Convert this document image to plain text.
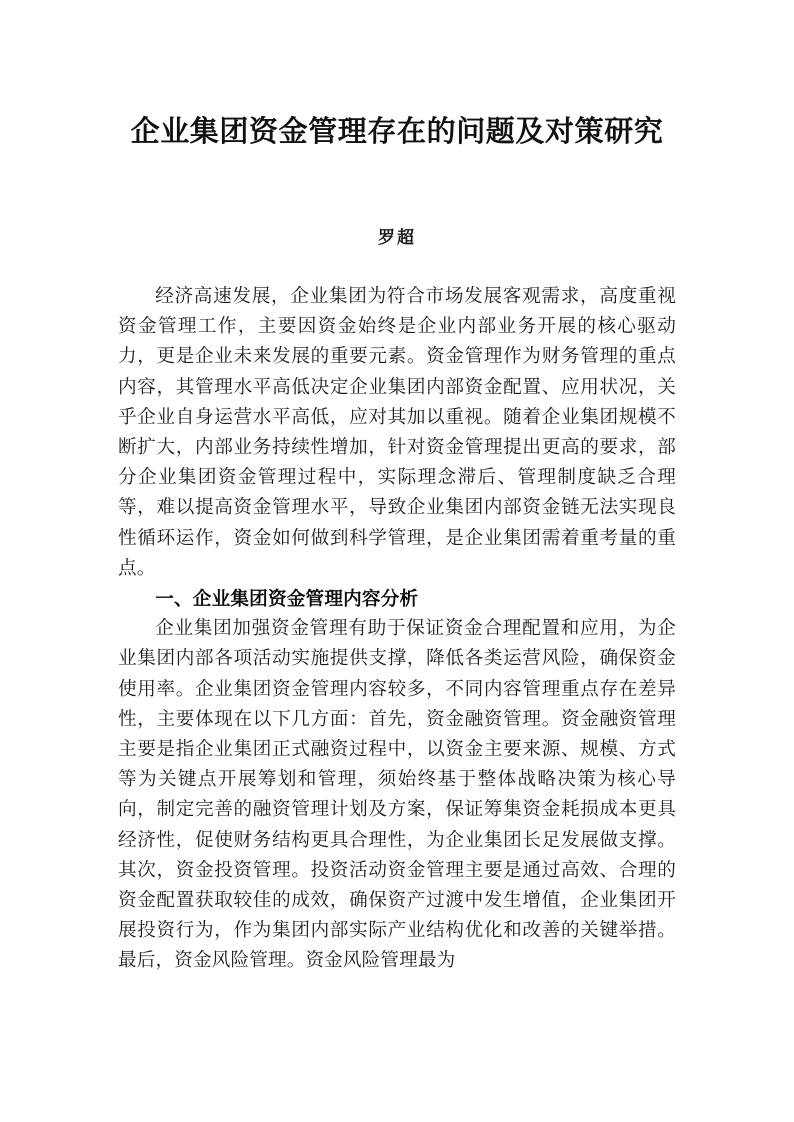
企业集团资金管理存在的问题及对策研究
罗超

经济高速发展，企业集团为符合市场发展客观需求，高度重视资金管理工作，主要因资金始终是企业内部业务开展的核心驱动力，更是企业未来发展的重要元素。资金管理作为财务管理的重点内容，其管理水平高低决定企业集团内部资金配置、应用状况，关乎企业自身运营水平高低，应对其加以重视。随着企业集团规模不断扩大，内部业务持续性增加，针对资金管理提出更高的要求，部分企业集团资金管理过程中，实际理念滞后、管理制度缺乏合理等，难以提高资金管理水平，导致企业集团内部资金链无法实现良性循环运作，资金如何做到科学管理，是企业集团需着重考量的重点。

一、企业集团资金管理内容分析

企业集团加强资金管理有助于保证资金合理配置和应用，为企业集团内部各项活动实施提供支撑，降低各类运营风险，确保资金使用率。企业集团资金管理内容较多，不同内容管理重点存在差异性，主要体现在以下几方面：首先，资金融资管理。资金融资管理主要是指企业集团正式融资过程中，以资金主要来源、规模、方式等为关键点开展筹划和管理，须始终基于整体战略决策为核心导向，制定完善的融资管理计划及方案，保证筹集资金耗损成本更具经济性，促使财务结构更具合理性，为企业集团长足发展做支撑。其次，资金投资管理。投资活动资金管理主要是通过高效、合理的资金配置获取较佳的成效，确保资产过渡中发生增值，企业集团开展投资行为，作为集团内部实际产业结构优化和改善的关键举措。最后，资金风险管理。资金风险管理最为
